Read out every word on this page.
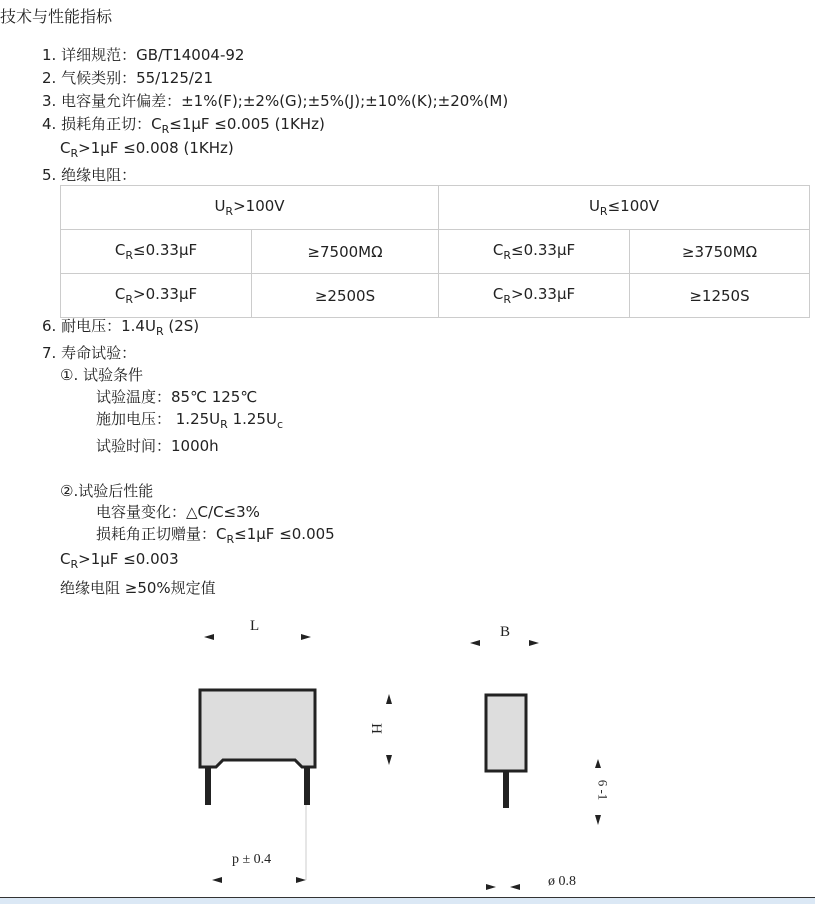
技术与性能指标
1. 详细规范：GB/T14004-92
2. 气候类别：55/125/21
3. 电容量允许偏差：±1%(F);±2%(G);±5%(J);±10%(K);±20%(M)
4. 损耗角正切：$C_R\le 1\mu F \le 0.005$ (1KHz)
$C_R>1\mu F \le 0.008$ (1KHz)
5. 绝缘电阻：
$U_R>100V$		$U_R\le 100V$	
$C_R\le 0.33\mu F$	≥7500MΩ	$C_R\le 0.33\mu F$	≥3750MΩ
$C_R>0.33\mu F$	≥2500S	$C_R>0.33\mu F$	≥1250S
6. 耐电压：$1.4U_R$ (2S)
7. 寿命试验：
①. 试验条件
试验温度：85℃ 125℃
施加电压： $1.25U_R$ $1.25U_c$
试验时间：1000h
②.试验后性能
电容量变化：△C/C≤3%
损耗角正切赠量：$C_R\le 1\mu F \le 0.005$
$C_R>1\mu F \le 0.003$
绝缘电阻 ≥50%规定值
L	B
H
6 -1
p ± 0.4
ø 0.8
